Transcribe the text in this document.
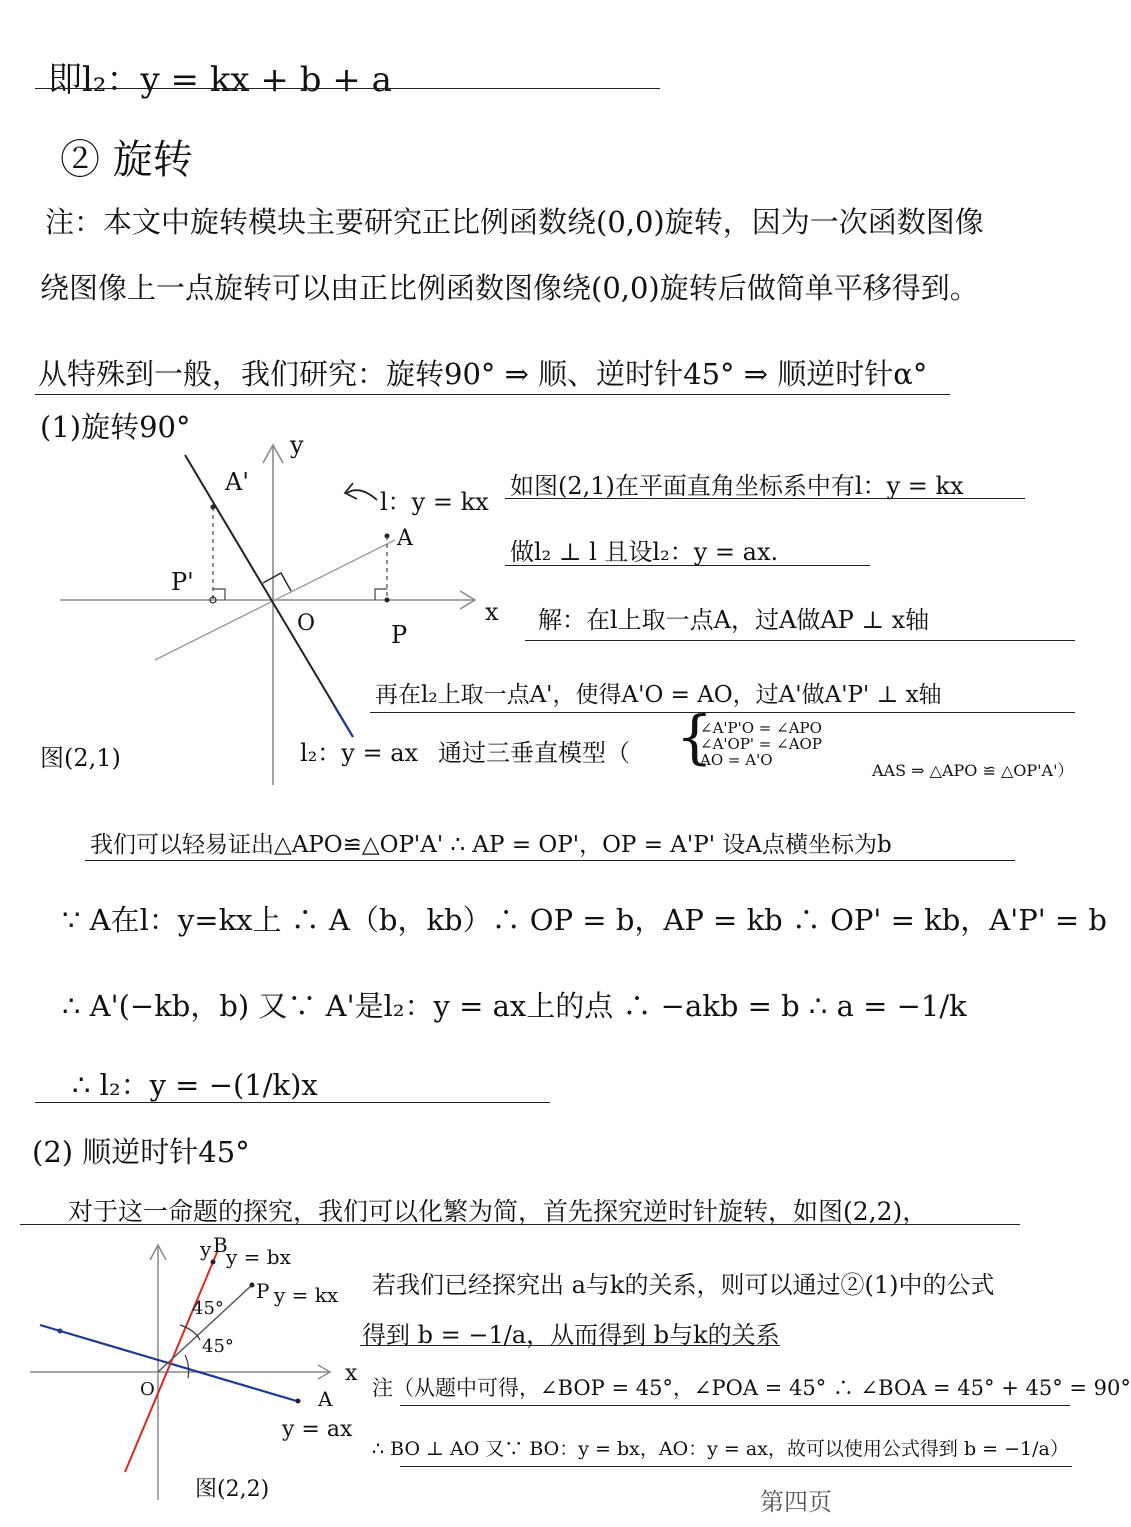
即l₂：y = kx + b + a
② 旋转
注：本文中旋转模块主要研究正比例函数绕(0,0)旋转，因为一次函数图像
绕图像上一点旋转可以由正比例函数图像绕(0,0)旋转后做简单平移得到。
从特殊到一般，我们研究：旋转90° ⇒ 顺、逆时针45° ⇒ 顺逆时针α°
(1)旋转90°
y
x
O
A
P
A'
P'
l：y = kx
l₂：y = ax
图(2,1)
如图(2,1)在平面直角坐标系中有l：y = kx
做l₂ ⊥ l 且设l₂：y = ax.
解：在l上取一点A，过A做AP ⊥ x轴
再在l₂上取一点A'，使得A'O = AO，过A'做A'P' ⊥ x轴
通过三垂直模型（ {
∠A'P'O = ∠APO
∠A'OP' = ∠AOP
AO = A'O
AAS ⇒ △APO ≌ △OP'A'）
我们可以轻易证出△APO≌△OP'A' ∴ AP = OP'，OP = A'P' 设A点横坐标为b
∵ A在l：y=kx上 ∴ A（b，kb）∴ OP = b，AP = kb ∴ OP' = kb，A'P' = b
∴ A'(−kb，b) 又∵ A'是l₂：y = ax上的点 ∴ −akb = b ∴ a = −1/k
∴ l₂：y = −(1/k)x
(2) 顺逆时针45°
对于这一命题的探究，我们可以化繁为简，首先探究逆时针旋转，如图(2,2)，
y B
y = bx
P y = kx
45°
45°
x
O	A
y = ax
图(2,2)
若我们已经探究出 a与k的关系，则可以通过②(1)中的公式
得到 b = −1/a，从而得到 b与k的关系
注（从题中可得，∠BOP = 45°，∠POA = 45° ∴ ∠BOA = 45° + 45° = 90°
∴ BO ⊥ AO 又∵ BO：y = bx，AO：y = ax，故可以使用公式得到 b = −1/a）
第四页
